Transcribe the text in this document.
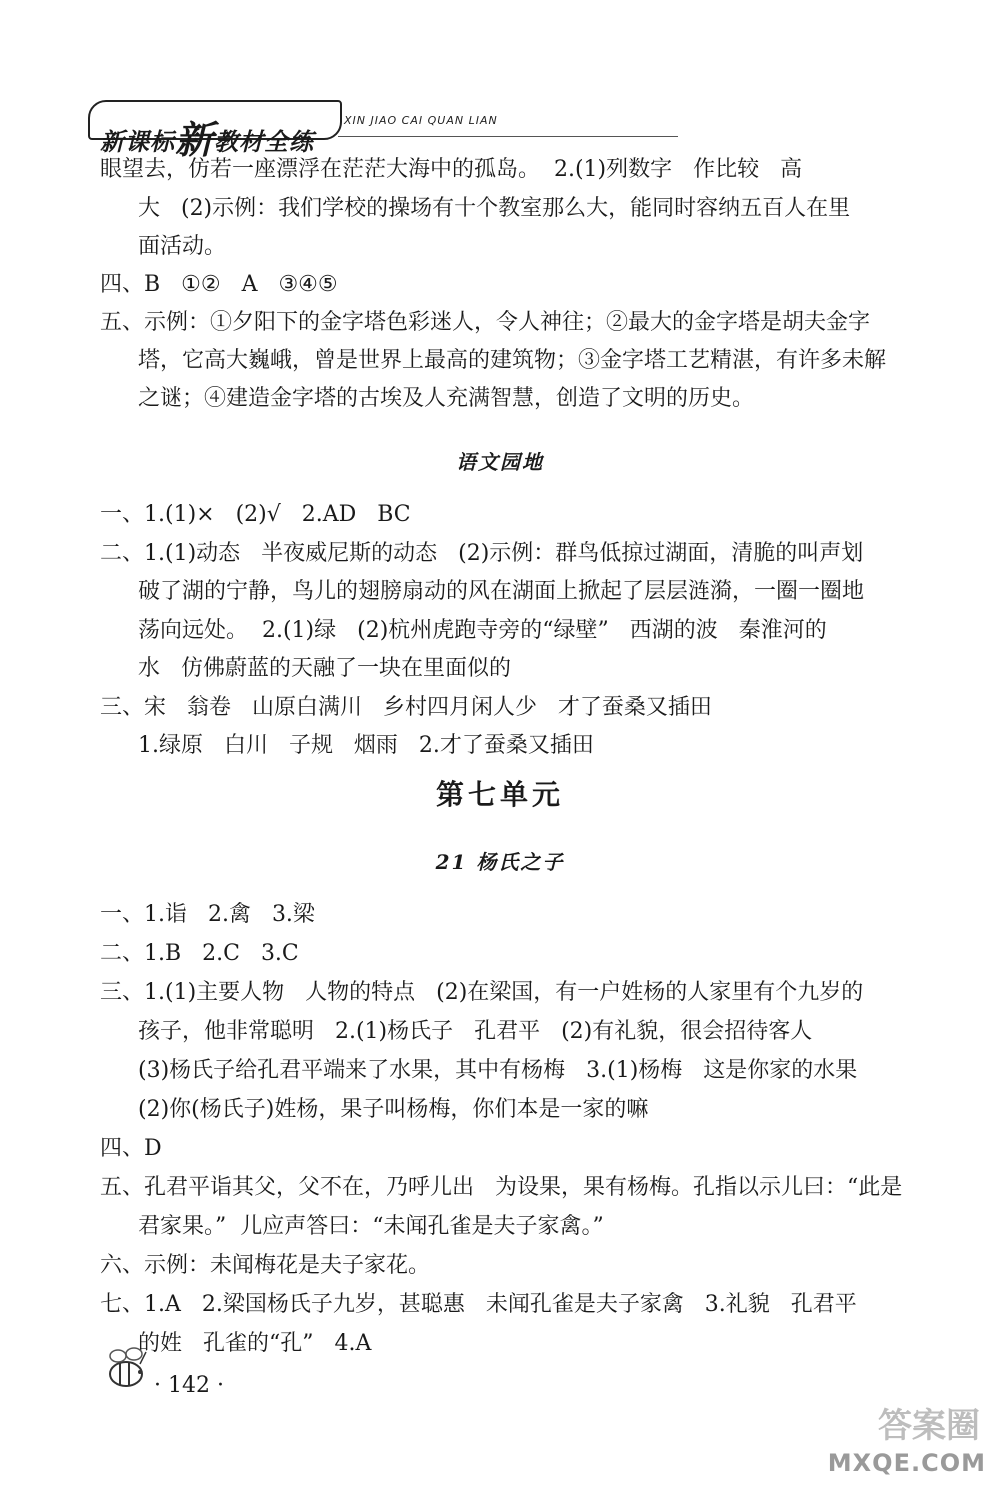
新课标新教材全练
XIN JIAO CAI QUAN LIAN
眼望去，仿若一座漂浮在茫茫大海中的孤岛。  2.(1)列数字   作比较   高
大   (2)示例：我们学校的操场有十个教室那么大，能同时容纳五百人在里
面活动。
四、B   ①②   A   ③④⑤
五、示例：①夕阳下的金字塔色彩迷人，令人神往；②最大的金字塔是胡夫金字
塔，它高大巍峨，曾是世界上最高的建筑物；③金字塔工艺精湛，有许多未解
之谜；④建造金字塔的古埃及人充满智慧，创造了文明的历史。
语文园地
一、1.(1)×   (2)√   2.AD   BC
二、1.(1)动态   半夜威尼斯的动态   (2)示例：群鸟低掠过湖面，清脆的叫声划
破了湖的宁静，鸟儿的翅膀扇动的风在湖面上掀起了层层涟漪，一圈一圈地
荡向远处。  2.(1)绿   (2)杭州虎跑寺旁的“绿壁”   西湖的波   秦淮河的
水   仿佛蔚蓝的天融了一块在里面似的
三、宋   翁卷   山原白满川   乡村四月闲人少   才了蚕桑又插田
1.绿原   白川   子规   烟雨   2.才了蚕桑又插田
第七单元
21 杨氏之子
一、1.诣   2.禽   3.梁
二、1.B   2.C   3.C
三、1.(1)主要人物   人物的特点   (2)在梁国，有一户姓杨的人家里有个九岁的
孩子，他非常聪明   2.(1)杨氏子   孔君平   (2)有礼貌，很会招待客人
(3)杨氏子给孔君平端来了水果，其中有杨梅   3.(1)杨梅   这是你家的水果
(2)你(杨氏子)姓杨，果子叫杨梅，你们本是一家的嘛
四、D
五、孔君平诣其父，父不在，乃呼儿出   为设果，果有杨梅。孔指以示儿曰：“此是
君家果。”  儿应声答曰：“未闻孔雀是夫子家禽。”
六、示例：未闻梅花是夫子家花。
七、1.A   2.梁国杨氏子九岁，甚聪惠   未闻孔雀是夫子家禽   3.礼貌   孔君平
的姓   孔雀的“孔”   4.A
· 142 ·
答案圈
MXQE.COM
